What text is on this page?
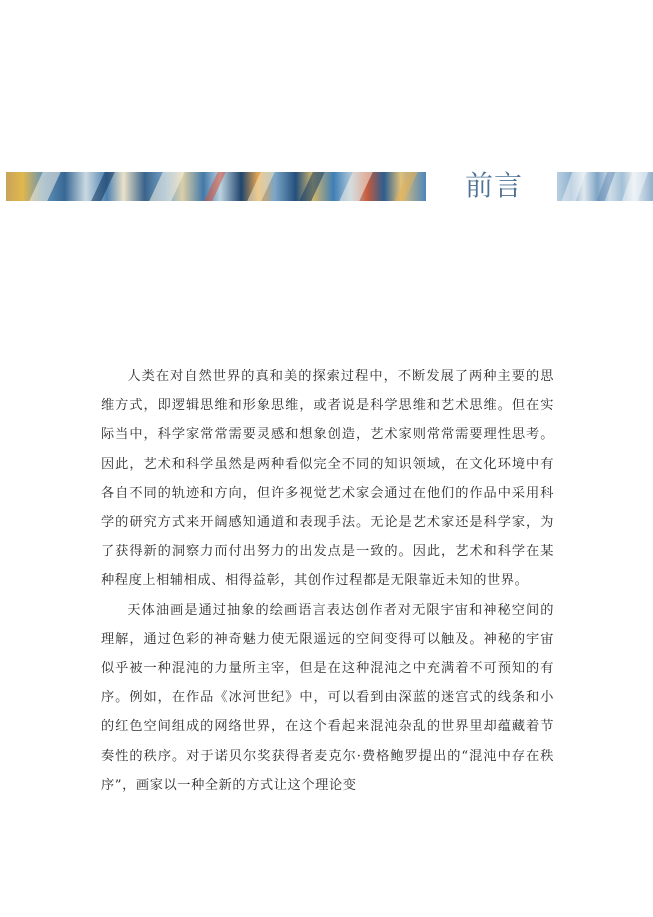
前言

人类在对自然世界的真和美的探索过程中，不断发展了两种主要的思维方式，即逻辑思维和形象思维，或者说是科学思维和艺术思维。但在实际当中，科学家常常需要灵感和想象创造，艺术家则常常需要理性思考。因此，艺术和科学虽然是两种看似完全不同的知识领域，在文化环境中有各自不同的轨迹和方向，但许多视觉艺术家会通过在他们的作品中采用科学的研究方式来开阔感知通道和表现手法。无论是艺术家还是科学家，为了获得新的洞察力而付出努力的出发点是一致的。因此，艺术和科学在某种程度上相辅相成、相得益彰，其创作过程都是无限靠近未知的世界。

天体油画是通过抽象的绘画语言表达创作者对无限宇宙和神秘空间的理解，通过色彩的神奇魅力使无限遥远的空间变得可以触及。神秘的宇宙似乎被一种混沌的力量所主宰，但是在这种混沌之中充满着不可预知的有序。例如，在作品《冰河世纪》中，可以看到由深蓝的迷宫式的线条和小的红色空间组成的网络世界，在这个看起来混沌杂乱的世界里却蕴藏着节奏性的秩序。对于诺贝尔奖获得者麦克尔·费格鲍罗提出的“混沌中存在秩序”，画家以一种全新的方式让这个理论变
